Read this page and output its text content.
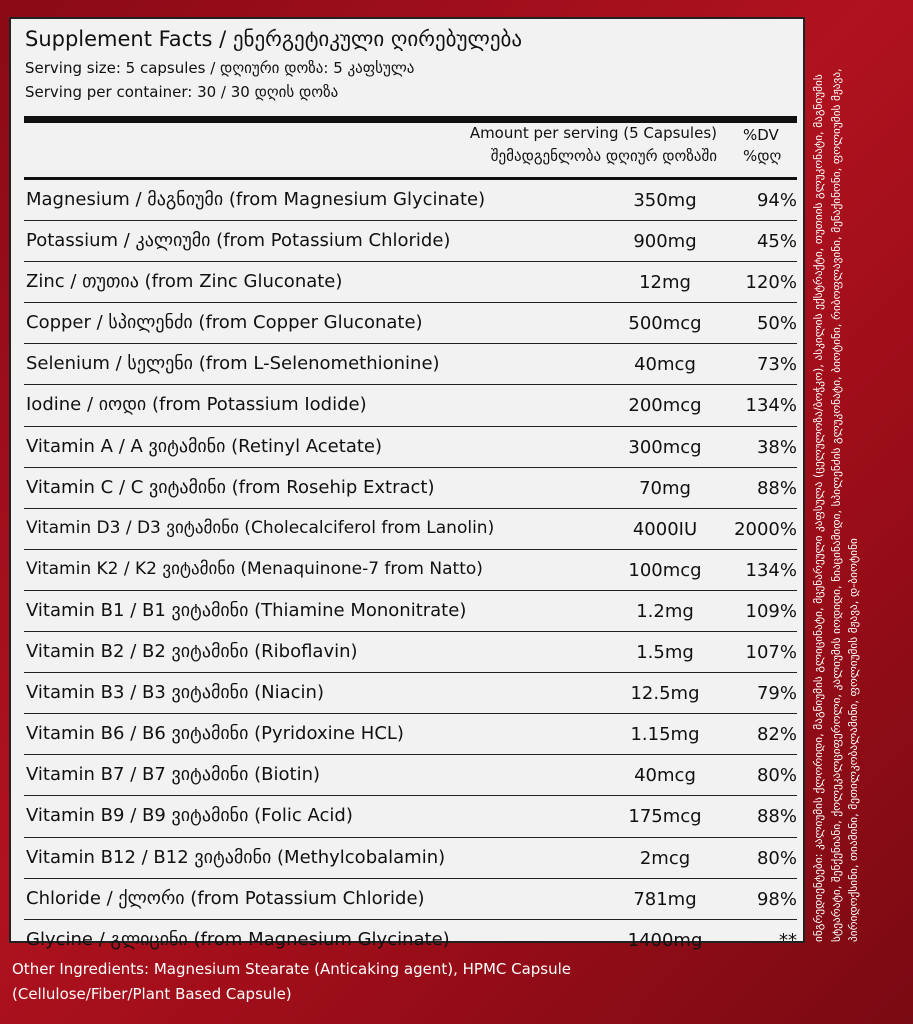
Supplement Facts / ენერგეტიკული ღირებულება
Serving size: 5 capsules / დღიური დოზა: 5 კაფსულა
Serving per container: 30 / 30 დღის დოზა
Amount per serving (5 Capsules)
შემადგენლობა დღიურ დოზაში
%DV
%დღ
Magnesium / მაგნიუმი (from Magnesium Glycinate)	350mg	94%
Potassium / კალიუმი (from Potassium Chloride)	900mg	45%
Zinc / თუთია (from Zinc Gluconate)	12mg	120%
Copper / სპილენძი (from Copper Gluconate)	500mcg	50%
Selenium / სელენი (from L-Selenomethionine)	40mcg	73%
Iodine / იოდი (from Potassium Iodide)	200mcg	134%
Vitamin A / A ვიტამინი (Retinyl Acetate)	300mcg	38%
Vitamin C / C ვიტამინი (from Rosehip Extract)	70mg	88%
Vitamin D3 / D3 ვიტამინი (Cholecalciferol from Lanolin)	4000IU	2000%
Vitamin K2 / K2 ვიტამინი (Menaquinone-7 from Natto)	100mcg	134%
Vitamin B1 / B1 ვიტამინი (Thiamine Mononitrate)	1.2mg	109%
Vitamin B2 / B2 ვიტამინი (Riboflavin)	1.5mg	107%
Vitamin B3 / B3 ვიტამინი (Niacin)	12.5mg	79%
Vitamin B6 / B6 ვიტამინი (Pyridoxine HCL)	1.15mg	82%
Vitamin B7 / B7 ვიტამინი (Biotin)	40mcg	80%
Vitamin B9 / B9 ვიტამინი (Folic Acid)	175mcg	88%
Vitamin B12 / B12 ვიტამინი (Methylcobalamin)	2mcg	80%
Chloride / ქლორი (from Potassium Chloride)	781mg	98%
Glycine / გლიცინი (from Magnesium Glycinate)	1400mg	**
Other Ingredients: Magnesium Stearate (Anticaking agent), HPMC Capsule (Cellulose/Fiber/Plant Based Capsule)
ინგრედიენტები: კალიუმის ქლორიდი, მაგნიუმის გლიცინატი, მცენარეული კაფსულა (ცელულოზა/ბოჭკო), ასკილის ექსტრაქტი, თუთიის გლუკონატი, მაგნიუმის სტეარატი, შენქენიანი, ქოლეკალციფეროლი, კალიუმის იოდიდი, ნიაცინამიდი, სპილენძის გლუკონატი, ბიოტინი, რიბოფლავინი, მენაქინონი, ფოლიუმის მჟავა, პირიდოქსინი, თიამინი, მეთილკობალამინი, ფოლიუმის მჟავა, დ-ბიოტინი
